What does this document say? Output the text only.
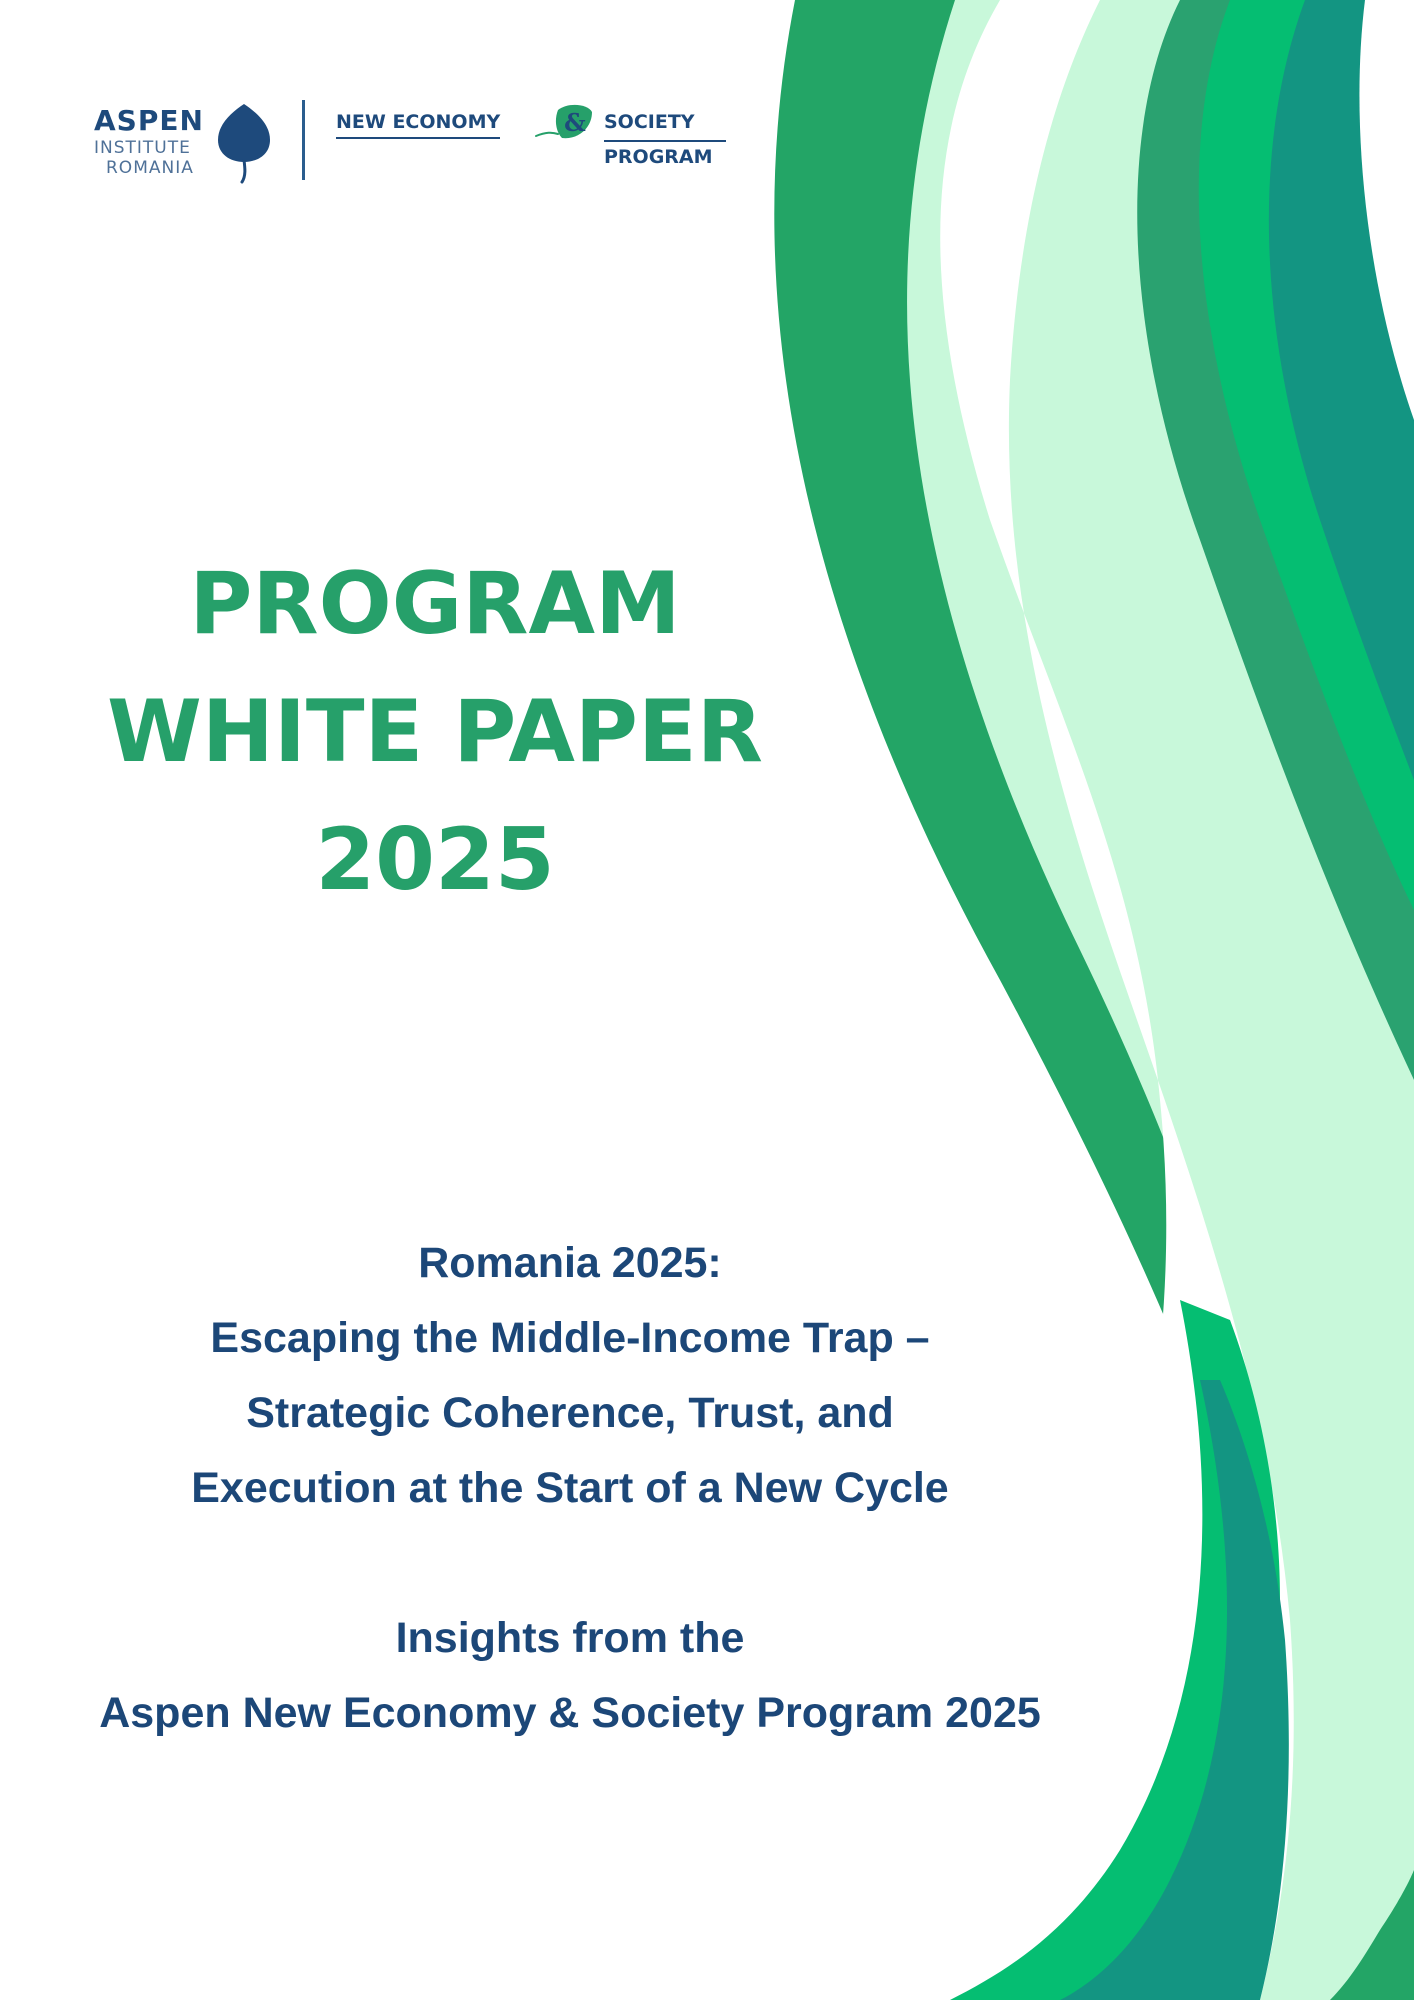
ASPEN
INSTITUTE
ROMANIA
NEW ECONOMY	& SOCIETY
PROGRAM
PROGRAM
WHITE PAPER
2025
Romania 2025:
Escaping the Middle-Income Trap –
Strategic Coherence, Trust, and
Execution at the Start of a New Cycle
Insights from the
Aspen New Economy & Society Program 2025
